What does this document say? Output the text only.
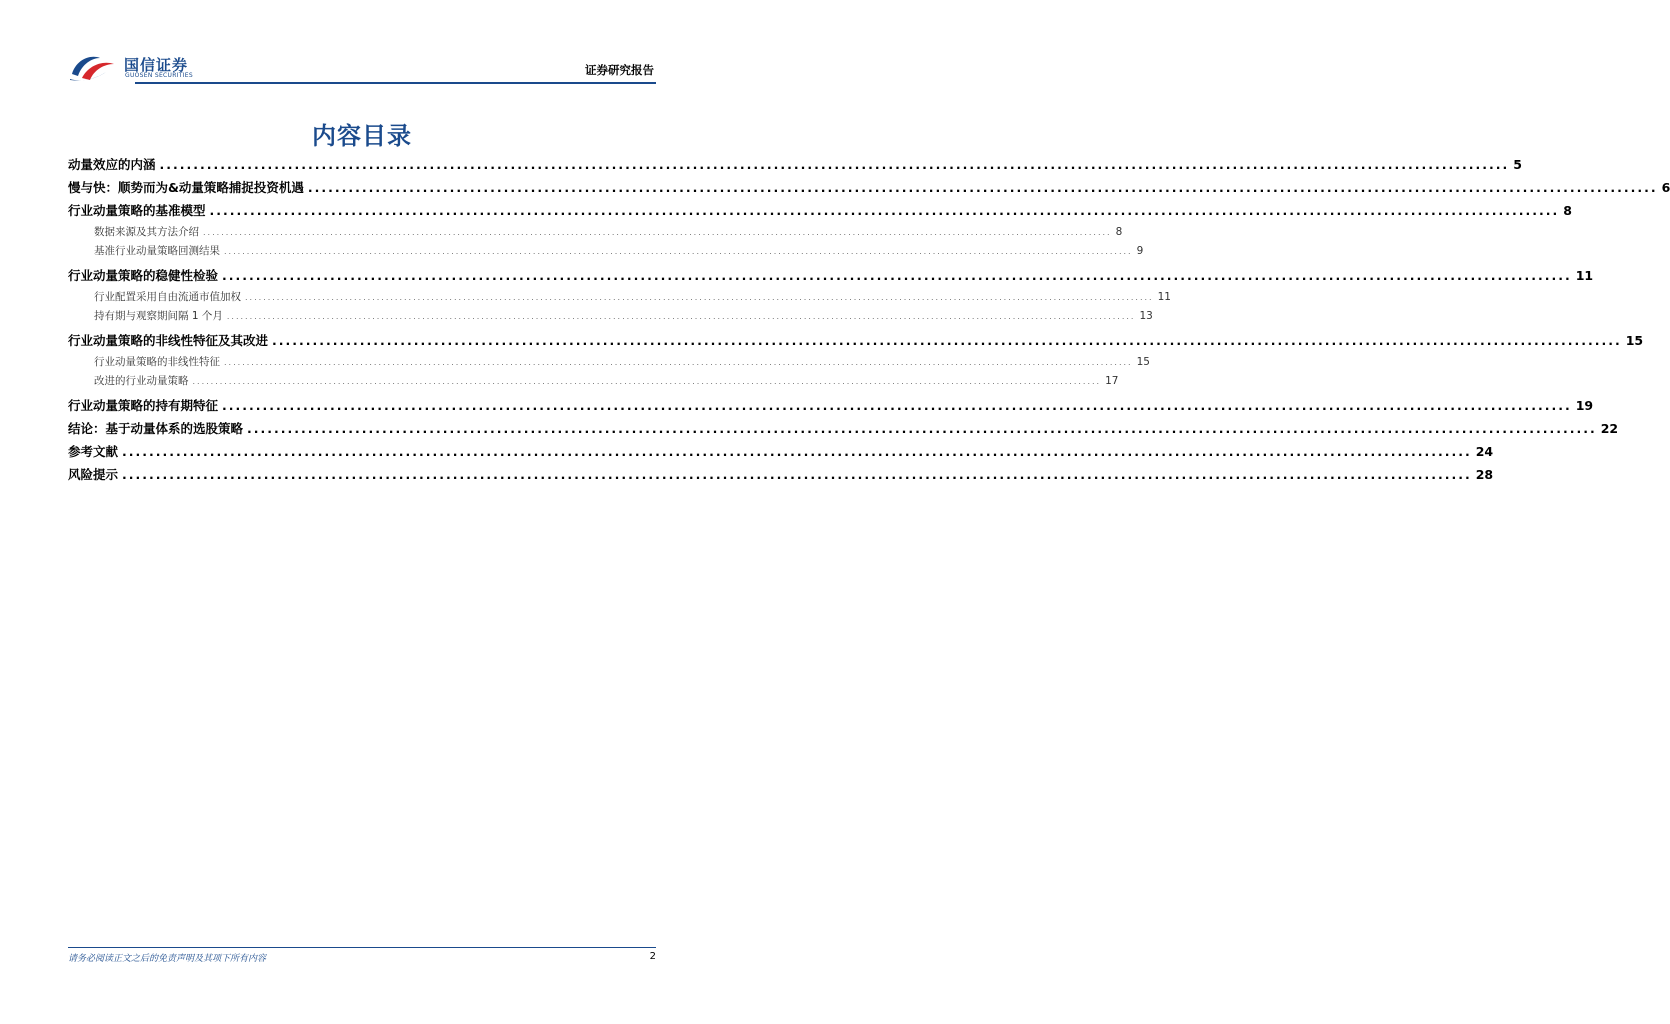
国信证券
GUOSEN SECURITIES	证券研究报告
内容目录
动量效应的内涵 ........................................................................................................................................................................................................ 5
慢与快：顺势而为&动量策略捕捉投资机遇 ........................................................................................................................................................................................................ 6
行业动量策略的基准模型 ........................................................................................................................................................................................................ 8
数据来源及其方法介绍 ........................................................................................................................................................................................................ 8
基准行业动量策略回测结果 ........................................................................................................................................................................................................ 9
行业动量策略的稳健性检验 ........................................................................................................................................................................................................ 11
行业配置采用自由流通市值加权 ........................................................................................................................................................................................................ 11
持有期与观察期间隔 1 个月 ........................................................................................................................................................................................................ 13
行业动量策略的非线性特征及其改进 ........................................................................................................................................................................................................ 15
行业动量策略的非线性特征 ........................................................................................................................................................................................................ 15
改进的行业动量策略 ........................................................................................................................................................................................................ 17
行业动量策略的持有期特征 ........................................................................................................................................................................................................ 19
结论：基于动量体系的选股策略 ........................................................................................................................................................................................................ 22
参考文献 ........................................................................................................................................................................................................ 24
风险提示 ........................................................................................................................................................................................................ 28
请务必阅读正文之后的免责声明及其项下所有内容	2
